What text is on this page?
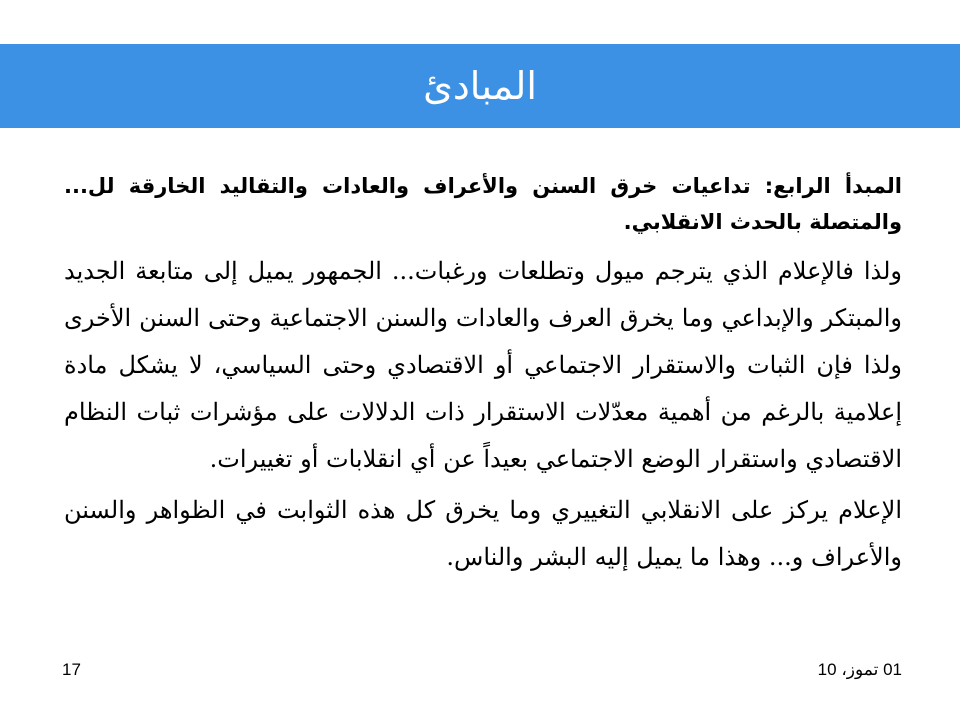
المبادئ

المبدأ الرابع: تداعيات خرق السنن والأعراف والعادات والتقاليد الخارقة لل... والمتصلة بالحدث الانقلابي.

ولذا فالإعلام الذي يترجم ميول وتطلعات ورغبات... الجمهور يميل إلى متابعة الجديد والمبتكر والإبداعي وما يخرق العرف والعادات والسنن الاجتماعية وحتى السنن الأخرى ولذا فإن الثبات والاستقرار الاجتماعي أو الاقتصادي وحتى السياسي، لا يشكل مادة إعلامية بالرغم من أهمية معدّلات الاستقرار ذات الدلالات على مؤشرات ثبات النظام الاقتصادي واستقرار الوضع الاجتماعي بعيداً عن أي انقلابات أو تغييرات.

الإعلام يركز على الانقلابي التغييري وما يخرق كل هذه الثوابت في الظواهر والسنن والأعراف و... وهذا ما يميل إليه البشر والناس.

01 تموز، 10
17
